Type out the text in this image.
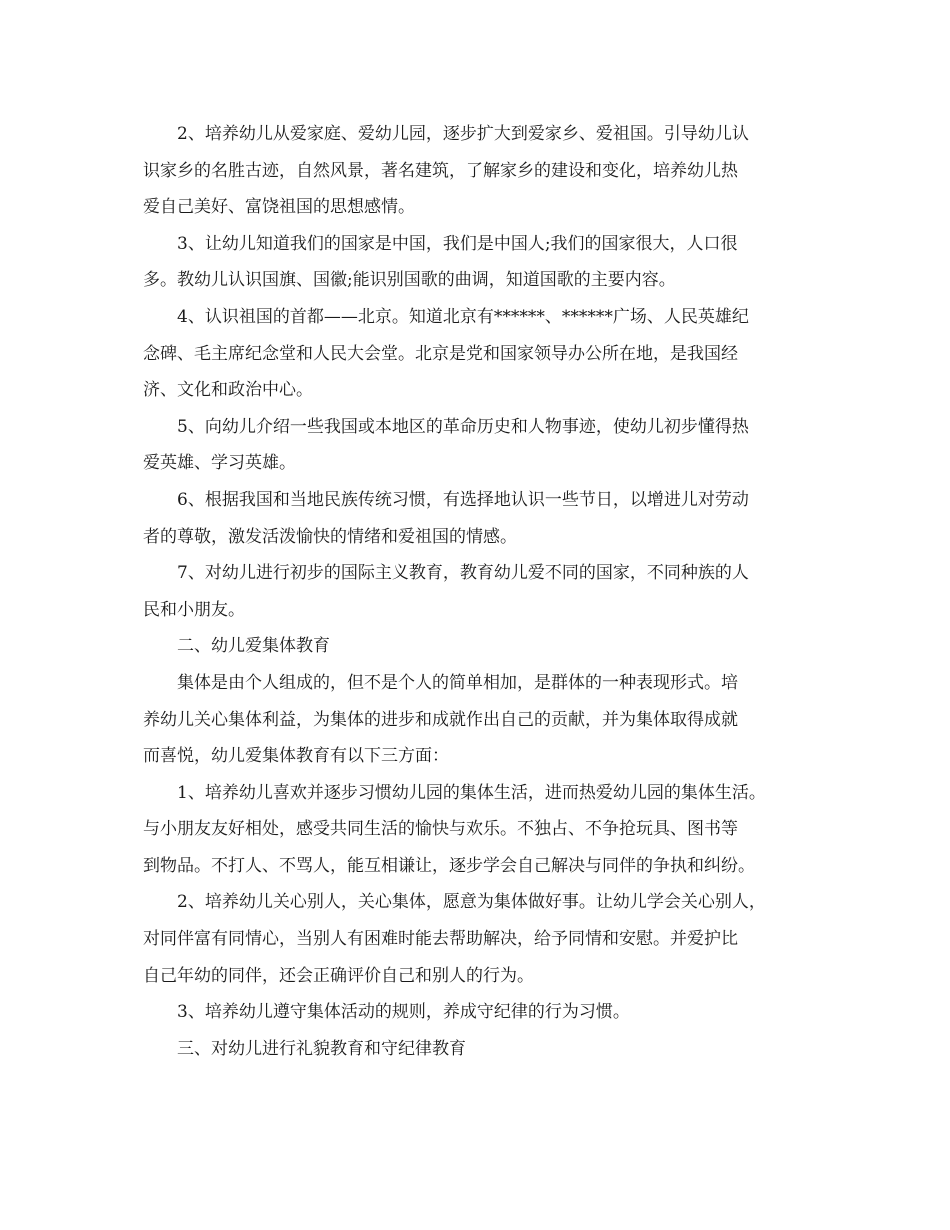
2、培养幼儿从爱家庭、爱幼儿园，逐步扩大到爱家乡、爱祖国。引导幼儿认
识家乡的名胜古迹，自然风景，著名建筑，了解家乡的建设和变化，培养幼儿热
爱自己美好、富饶祖国的思想感情。
3、让幼儿知道我们的国家是中国，我们是中国人;我们的国家很大，人口很
多。教幼儿认识国旗、国徽;能识别国歌的曲调，知道国歌的主要内容。
4、认识祖国的首都——北京。知道北京有******、******广场、人民英雄纪
念碑、毛主席纪念堂和人民大会堂。北京是党和国家领导办公所在地，是我国经
济、文化和政治中心。
5、向幼儿介绍一些我国或本地区的革命历史和人物事迹，使幼儿初步懂得热
爱英雄、学习英雄。
6、根据我国和当地民族传统习惯，有选择地认识一些节日，以增进儿对劳动
者的尊敬，激发活泼愉快的情绪和爱祖国的情感。
7、对幼儿进行初步的国际主义教育，教育幼儿爱不同的国家，不同种族的人
民和小朋友。
二、幼儿爱集体教育
集体是由个人组成的，但不是个人的简单相加，是群体的一种表现形式。培
养幼儿关心集体利益，为集体的进步和成就作出自己的贡献，并为集体取得成就
而喜悦，幼儿爱集体教育有以下三方面：
1、培养幼儿喜欢并逐步习惯幼儿园的集体生活，进而热爱幼儿园的集体生活。
与小朋友友好相处，感受共同生活的愉快与欢乐。不独占、不争抢玩具、图书等
到物品。不打人、不骂人，能互相谦让，逐步学会自己解决与同伴的争执和纠纷。
2、培养幼儿关心别人，关心集体，愿意为集体做好事。让幼儿学会关心别人，
对同伴富有同情心，当别人有困难时能去帮助解决，给予同情和安慰。并爱护比
自己年幼的同伴，还会正确评价自己和别人的行为。
3、培养幼儿遵守集体活动的规则，养成守纪律的行为习惯。
三、对幼儿进行礼貌教育和守纪律教育
